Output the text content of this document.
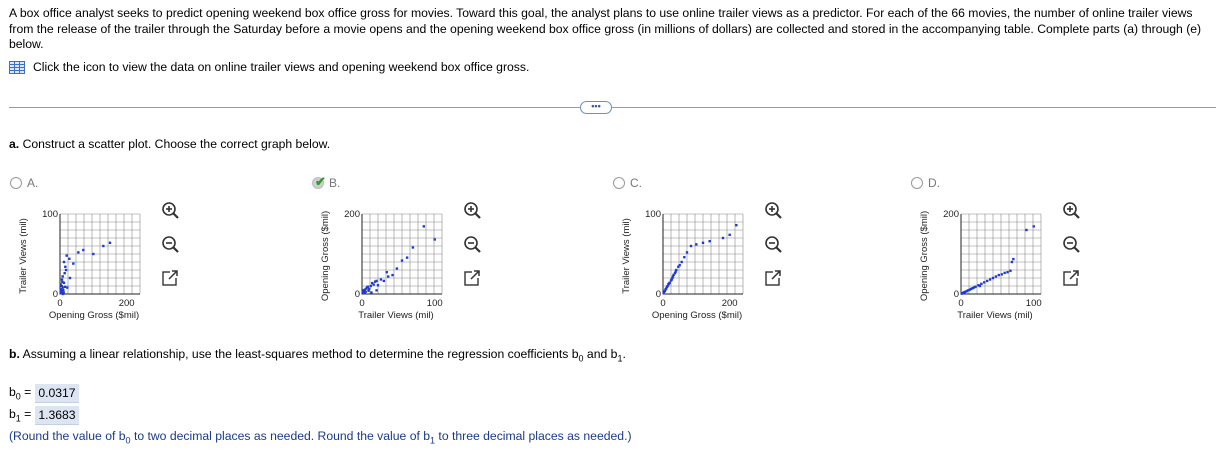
A box office analyst seeks to predict opening weekend box office gross for movies. Toward this goal, the analyst plans to use online trailer views as a predictor. For each of the 66 movies, the number of online trailer views from the release of the trailer through the Saturday before a movie opens and the opening weekend box office gross (in millions of dollars) are collected and stored in the accompanying table. Complete parts (a) through (e) below.
Click the icon to view the data on online trailer views and opening weekend box office gross.
•••
a. Construct a scatter plot. Choose the correct graph below.
A.
100
0
0	200
Opening Gross ($mil)
Trailer Views (mil)
✔ B.
200
0
0	100
Trailer Views (mil)
Opening Gross ($mil)
C.
100
0
0	200
Opening Gross ($mil)
Trailer Views (mil)
D.
200
0
0	100
Trailer Views (mil)
Opening Gross ($mil)
b. Assuming a linear relationship, use the least-squares method to determine the regression coefficients $b_0$ and $b_1$.
$b_0 = 0.0317$
$b_1 = 1.3683$
(Round the value of $b_0$ to two decimal places as needed. Round the value of $b_1$ to three decimal places as needed.)
